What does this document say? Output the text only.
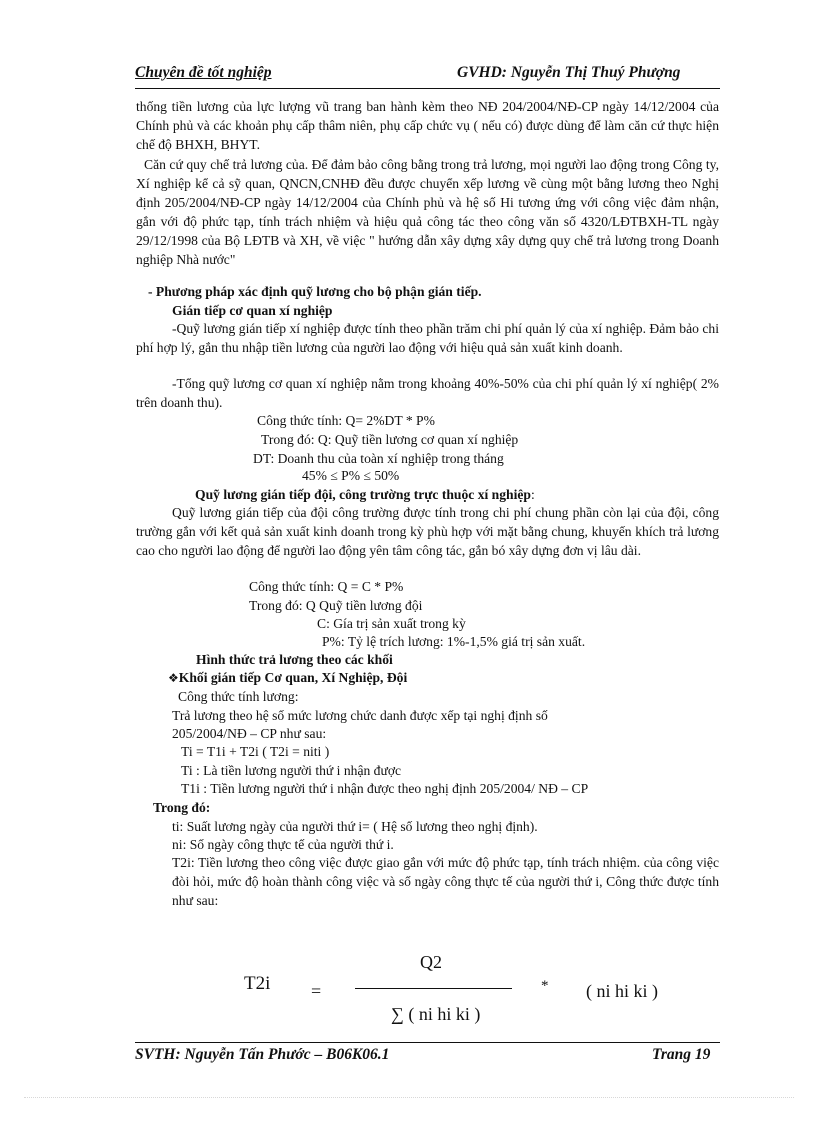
Chuyên đề tốt nghiệp	GVHD: Nguyễn Thị Thuý Phượng
thống tiền lương của lực lượng vũ trang ban hành kèm theo NĐ 204/2004/NĐ-CP ngày 14/12/2004 của Chính phủ và các khoản phụ cấp thâm niên, phụ cấp chức vụ ( nếu có) được dùng để làm căn cứ thực hiện chế độ BHXH, BHYT.
Căn cứ quy chế trả lương của. Để đảm bảo công bằng trong trả lương, mọi người lao động trong Công ty, Xí nghiệp kể cả sỹ quan, QNCN,CNHĐ đều được chuyển xếp lương về cùng một bằng lương theo Nghị định 205/2004/NĐ-CP ngày 14/12/2004 của Chính phủ và hệ số Hi tương ứng với công việc đảm nhận, gắn với độ phức tạp, tính trách nhiệm và hiệu quả công tác theo công văn số 4320/LĐTBXH-TL ngày 29/12/1998 của Bộ LĐTB và XH, về việc " hướng dẫn xây dựng xây dựng quy chế trả lương trong Doanh nghiệp Nhà nước"
- Phương pháp xác định quỹ lương cho bộ phận gián tiếp.
Gián tiếp cơ quan xí nghiệp
-Quỹ lương gián tiếp xí nghiệp được tính theo phần trăm chi phí quản lý của xí nghiệp. Đảm bảo chi phí hợp lý, gắn thu nhập tiền lương của người lao động với hiệu quả sản xuất kinh doanh.
-Tổng quỹ lương cơ quan xí nghiệp nằm trong khoảng 40%-50% của chi phí quản lý xí nghiệp( 2% trên doanh thu).
Công thức tính: Q= 2%DT * P%
Trong đó: Q: Quỹ tiền lương cơ quan xí nghiệp
DT: Doanh thu của toàn xí nghiệp trong tháng
45% ≤ P% ≤ 50%
Quỹ lương gián tiếp đội, công trường trực thuộc xí nghiệp:
Quỹ lương gián tiếp của đội công trường được tính trong chi phí chung phần còn lại của đội, công trường gắn với kết quả sản xuất kinh doanh trong kỳ phù hợp với mặt bằng chung, khuyến khích trả lương cao cho người lao động để người lao động yên tâm công tác, gắn bó xây dựng đơn vị lâu dài.
Công thức tính: Q = C * P%
Trong đó: Q Quỹ tiền lương đội
C: Gía trị sản xuất trong kỳ
P%: Tỷ lệ trích lương: 1%-1,5% giá trị sản xuất.
Hình thức trả lương theo các khối
❖Khối gián tiếp Cơ quan, Xí Nghiệp, Đội
Công thức tính lương:
Trả lương theo hệ số mức lương chức danh được xếp tại nghị định số
205/2004/NĐ – CP như sau:
Ti = T1i + T2i ( T2i = niti )
Ti : Là tiền lương người thứ i nhận được
T1i : Tiền lương người thứ i nhận được theo nghị định 205/2004/ NĐ – CP
Trong đó:
ti: Suất lương ngày của người thứ i= ( Hệ số lương theo nghị định).
ni: Số ngày công thực tế của người thứ i.
T2i: Tiền lương theo công việc được giao gắn với mức độ phức tạp, tính trách nhiệm. của công việc đòi hỏi, mức độ hoàn thành công việc và số ngày công thực tế của người thứ i, Công thức được tính như sau:
T2i =
Q2
∑ ( ni hi ki )
* ( ni hi ki )
SVTH: Nguyễn Tấn Phước – B06K06.1	Trang 19
